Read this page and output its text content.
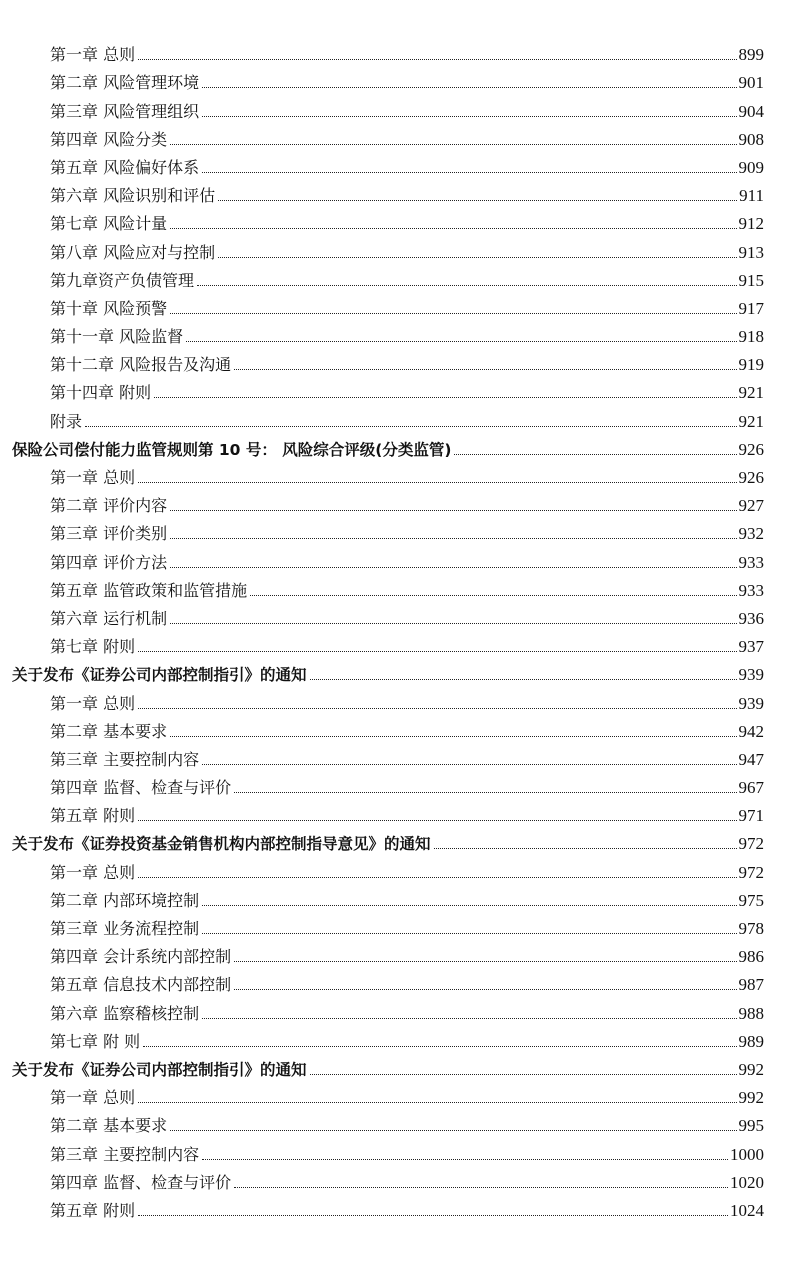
第一章 总则	899
第二章 风险管理环境	901
第三章 风险管理组织	904
第四章 风险分类	908
第五章 风险偏好体系	909
第六章 风险识别和评估	911
第七章 风险计量	912
第八章 风险应对与控制	913
第九章资产负债管理	915
第十章 风险预警	917
第十一章 风险监督	918
第十二章 风险报告及沟通	919
第十四章 附则	921
附录	921
保险公司偿付能力监管规则第 10 号： 风险综合评级(分类监管)	926
第一章 总则	926
第二章 评价内容	927
第三章 评价类别	932
第四章 评价方法	933
第五章 监管政策和监管措施	933
第六章 运行机制	936
第七章 附则	937
关于发布《证券公司内部控制指引》的通知	939
第一章 总则	939
第二章 基本要求	942
第三章 主要控制内容	947
第四章 监督、检查与评价	967
第五章 附则	971
关于发布《证券投资基金销售机构内部控制指导意见》的通知	972
第一章 总则	972
第二章 内部环境控制	975
第三章 业务流程控制	978
第四章 会计系统内部控制	986
第五章 信息技术内部控制	987
第六章 监察稽核控制	988
第七章 附 则	989
关于发布《证券公司内部控制指引》的通知	992
第一章 总则	992
第二章 基本要求	995
第三章 主要控制内容	1000
第四章 监督、检查与评价	1020
第五章 附则	1024
